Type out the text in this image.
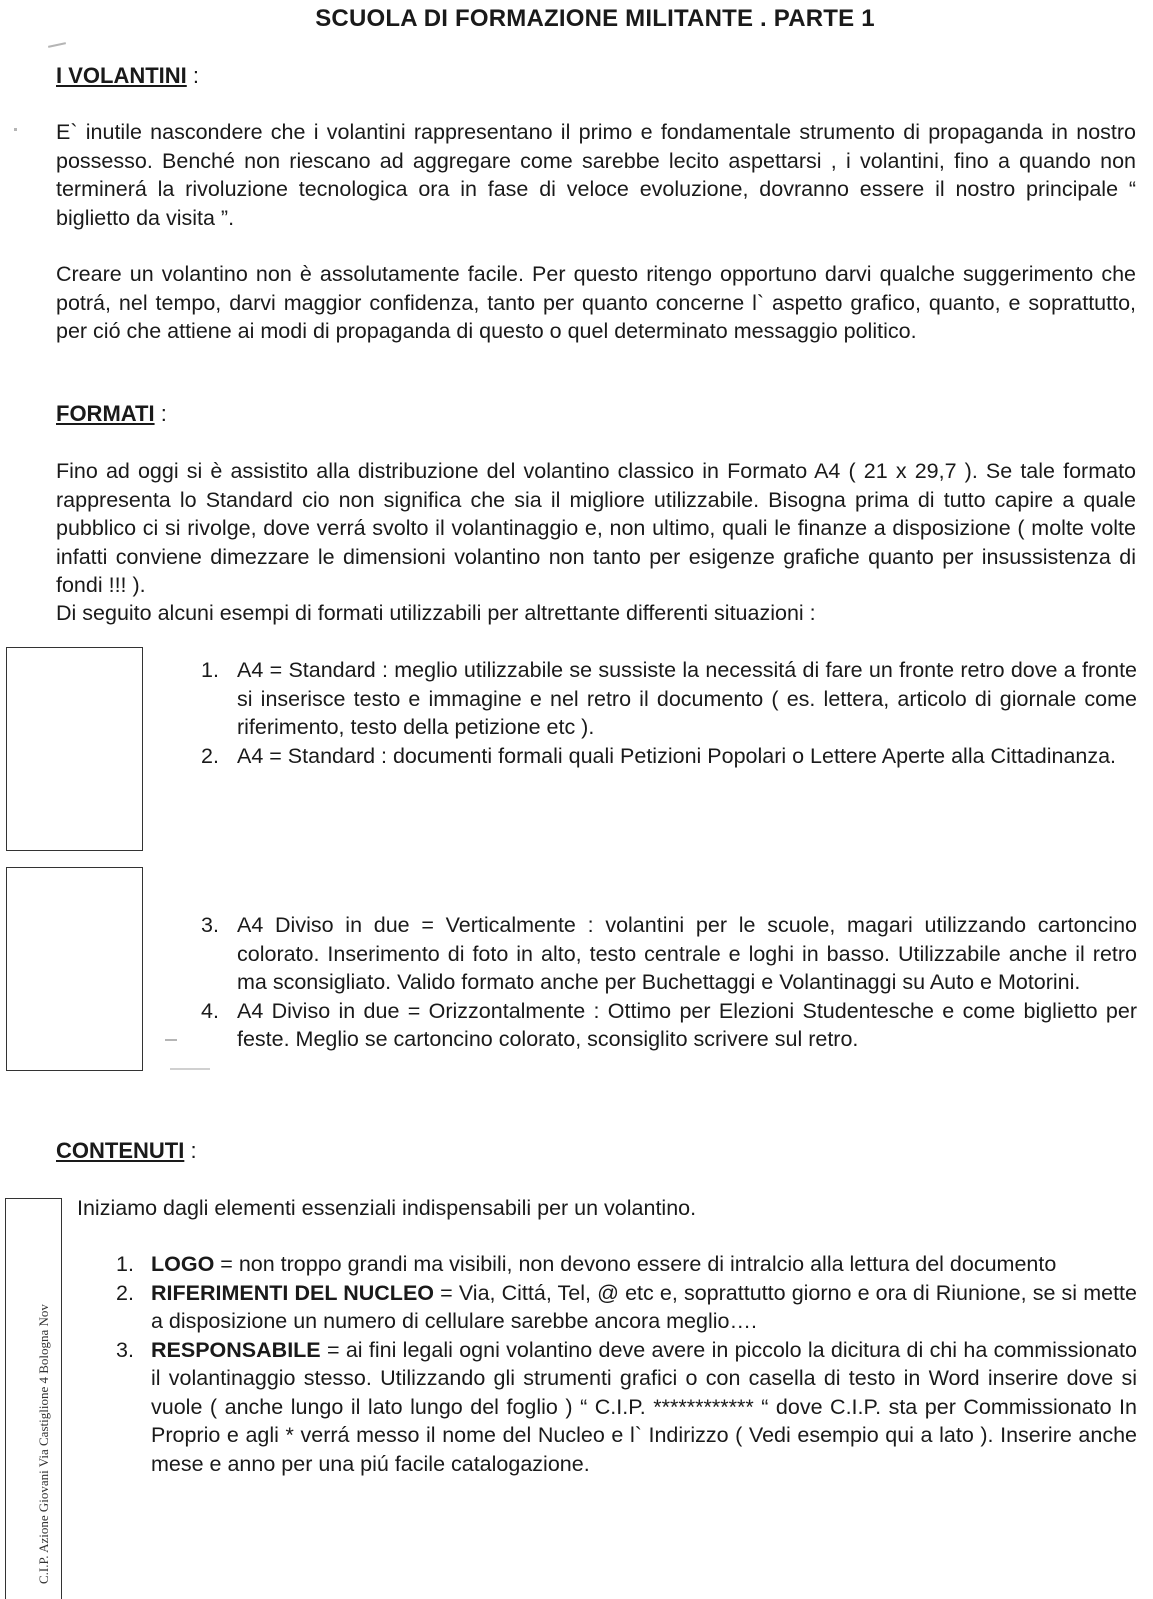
SCUOLA DI FORMAZIONE MILITANTE . PARTE 1
I VOLANTINI :
E` inutile nascondere che i volantini rappresentano il primo e fondamentale strumento di propaganda in nostro possesso. Benché non riescano ad aggregare come sarebbe lecito aspettarsi , i volantini, fino a quando non terminerá la rivoluzione tecnologica ora in fase di veloce evoluzione, dovranno essere il nostro principale “ biglietto da visita ”.
Creare un volantino non è assolutamente facile. Per questo ritengo opportuno darvi qualche suggerimento che potrá, nel tempo, darvi maggior confidenza, tanto per quanto concerne l` aspetto grafico, quanto, e soprattutto, per ció che attiene ai modi di propaganda di questo o quel determinato messaggio politico.
FORMATI :
Fino ad oggi si è assistito alla distribuzione del volantino classico in Formato A4 ( 21 x 29,7 ). Se tale formato rappresenta lo Standard cio non significa che sia il migliore utilizzabile. Bisogna prima di tutto capire a quale pubblico ci si rivolge, dove verrá svolto il volantinaggio e, non ultimo, quali le finanze a disposizione ( molte volte infatti conviene dimezzare le dimensioni volantino non tanto per esigenze grafiche quanto per insussistenza di fondi !!! ).
Di seguito alcuni esempi di formati utilizzabili per altrettante differenti situazioni :
1. A4 = Standard : meglio utilizzabile se sussiste la necessitá di fare un fronte retro dove a fronte si inserisce testo e immagine e nel retro il documento ( es. lettera, articolo di giornale come riferimento, testo della petizione etc ).
2. A4 = Standard : documenti formali quali Petizioni Popolari o Lettere Aperte alla Cittadinanza.
3. A4 Diviso in due = Verticalmente : volantini per le scuole, magari utilizzando cartoncino colorato. Inserimento di foto in alto, testo centrale e loghi in basso. Utilizzabile anche il retro ma sconsigliato. Valido formato anche per Buchettaggi e Volantinaggi su Auto e Motorini.
4. A4 Diviso in due = Orizzontalmente : Ottimo per Elezioni Studentesche e come biglietto per feste. Meglio se cartoncino colorato, sconsiglito scrivere sul retro.
CONTENUTI :
C.I.P. Azione Giovani Via Castiglione 4 Bologna Nov
Iniziamo dagli elementi essenziali indispensabili per un volantino.
1. LOGO = non troppo grandi ma visibili, non devono essere di intralcio alla lettura del documento
2. RIFERIMENTI DEL NUCLEO = Via, Cittá, Tel, @ etc e, soprattutto giorno e ora di Riunione, se si mette a disposizione un numero di cellulare sarebbe ancora meglio….
3. RESPONSABILE = ai fini legali ogni volantino deve avere in piccolo la dicitura di chi ha commissionato il volantinaggio stesso. Utilizzando gli strumenti grafici o con casella di testo in Word inserire dove si vuole ( anche lungo il lato lungo del foglio ) “ C.I.P. ************ “ dove C.I.P. sta per Commissionato In Proprio e agli * verrá messo il nome del Nucleo e l` Indirizzo ( Vedi esempio qui a lato ). Inserire anche mese e anno per una piú facile catalogazione.
